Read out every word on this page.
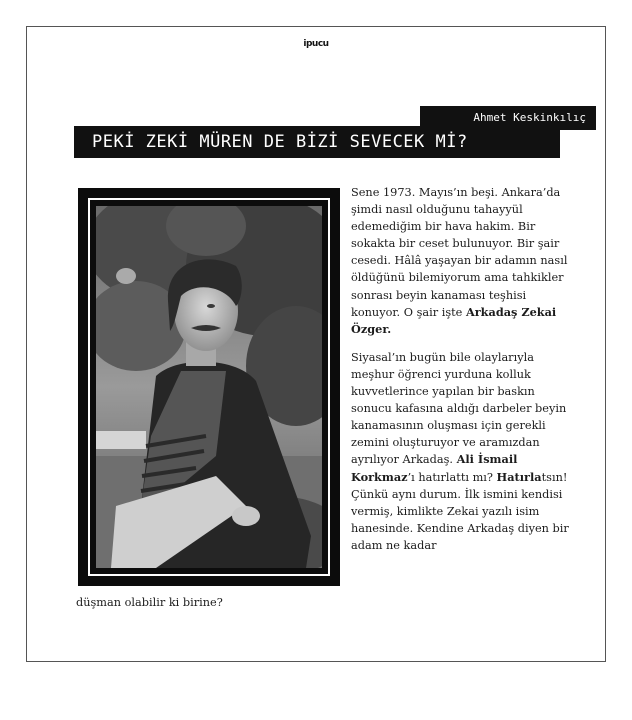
ipucu
Ahmet Keskinkılıç
PEKİ ZEKİ MÜREN DE BİZİ SEVECEK Mİ?

Sene 1973. Mayıs’ın beşi. Ankara’da şimdi nasıl olduğunu tahayyül edemediğim bir hava hakim. Bir sokakta bir ceset bulunuyor. Bir şair cesedi. Hâlâ yaşayan bir adamın nasıl öldüğünü bilemiyorum ama tahkikler sonrası beyin kanaması teşhisi konuyor. O şair işte Arkadaş Zekai Özger.

Siyasal’ın bugün bile olaylarıyla meşhur öğrenci yurduna kolluk kuvvetlerince yapılan bir baskın sonucu kafasına aldığı darbeler beyin kanamasının oluşması için gerekli zemini oluşturuyor ve aramızdan ayrılıyor Arkadaş. Ali İsmail Korkmaz’ı hatırlattı mı? Hatırlatsın! Çünkü aynı durum. İlk ismini kendisi vermiş, kimlikte Zekai yazılı isim hanesinde. Kendine Arkadaş diyen bir adam ne kadar

düşman olabilir ki birine?
